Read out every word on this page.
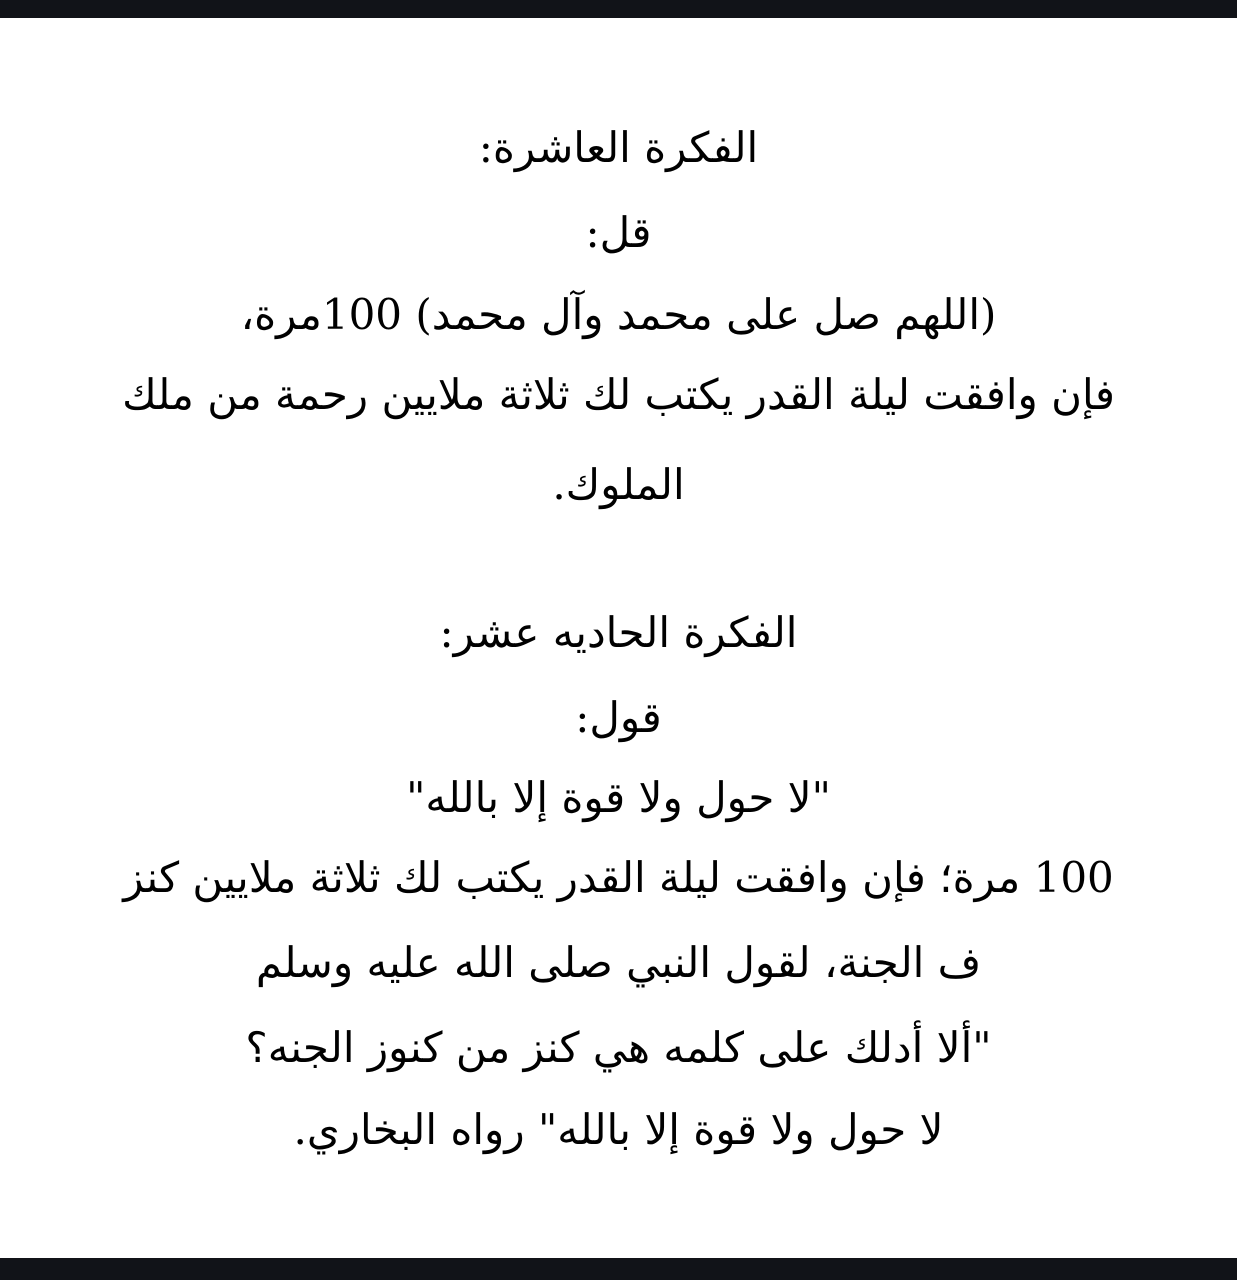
الفكرة العاشرة:
قل:
(اللهم صل على محمد وآل محمد) 100مرة،
فإن وافقت ليلة القدر يكتب لك ثلاثة ملايين رحمة من ملك
الملوك.
الفكرة الحاديه عشر:
قول:
"لا حول ولا قوة إلا بالله"
100 مرة؛ فإن وافقت ليلة القدر يكتب لك ثلاثة ملايين كنز
ف الجنة، لقول النبي صلى الله عليه وسلم
"ألا أدلك على كلمه هي كنز من كنوز الجنه؟
لا حول ولا قوة إلا بالله" رواه البخاري.
